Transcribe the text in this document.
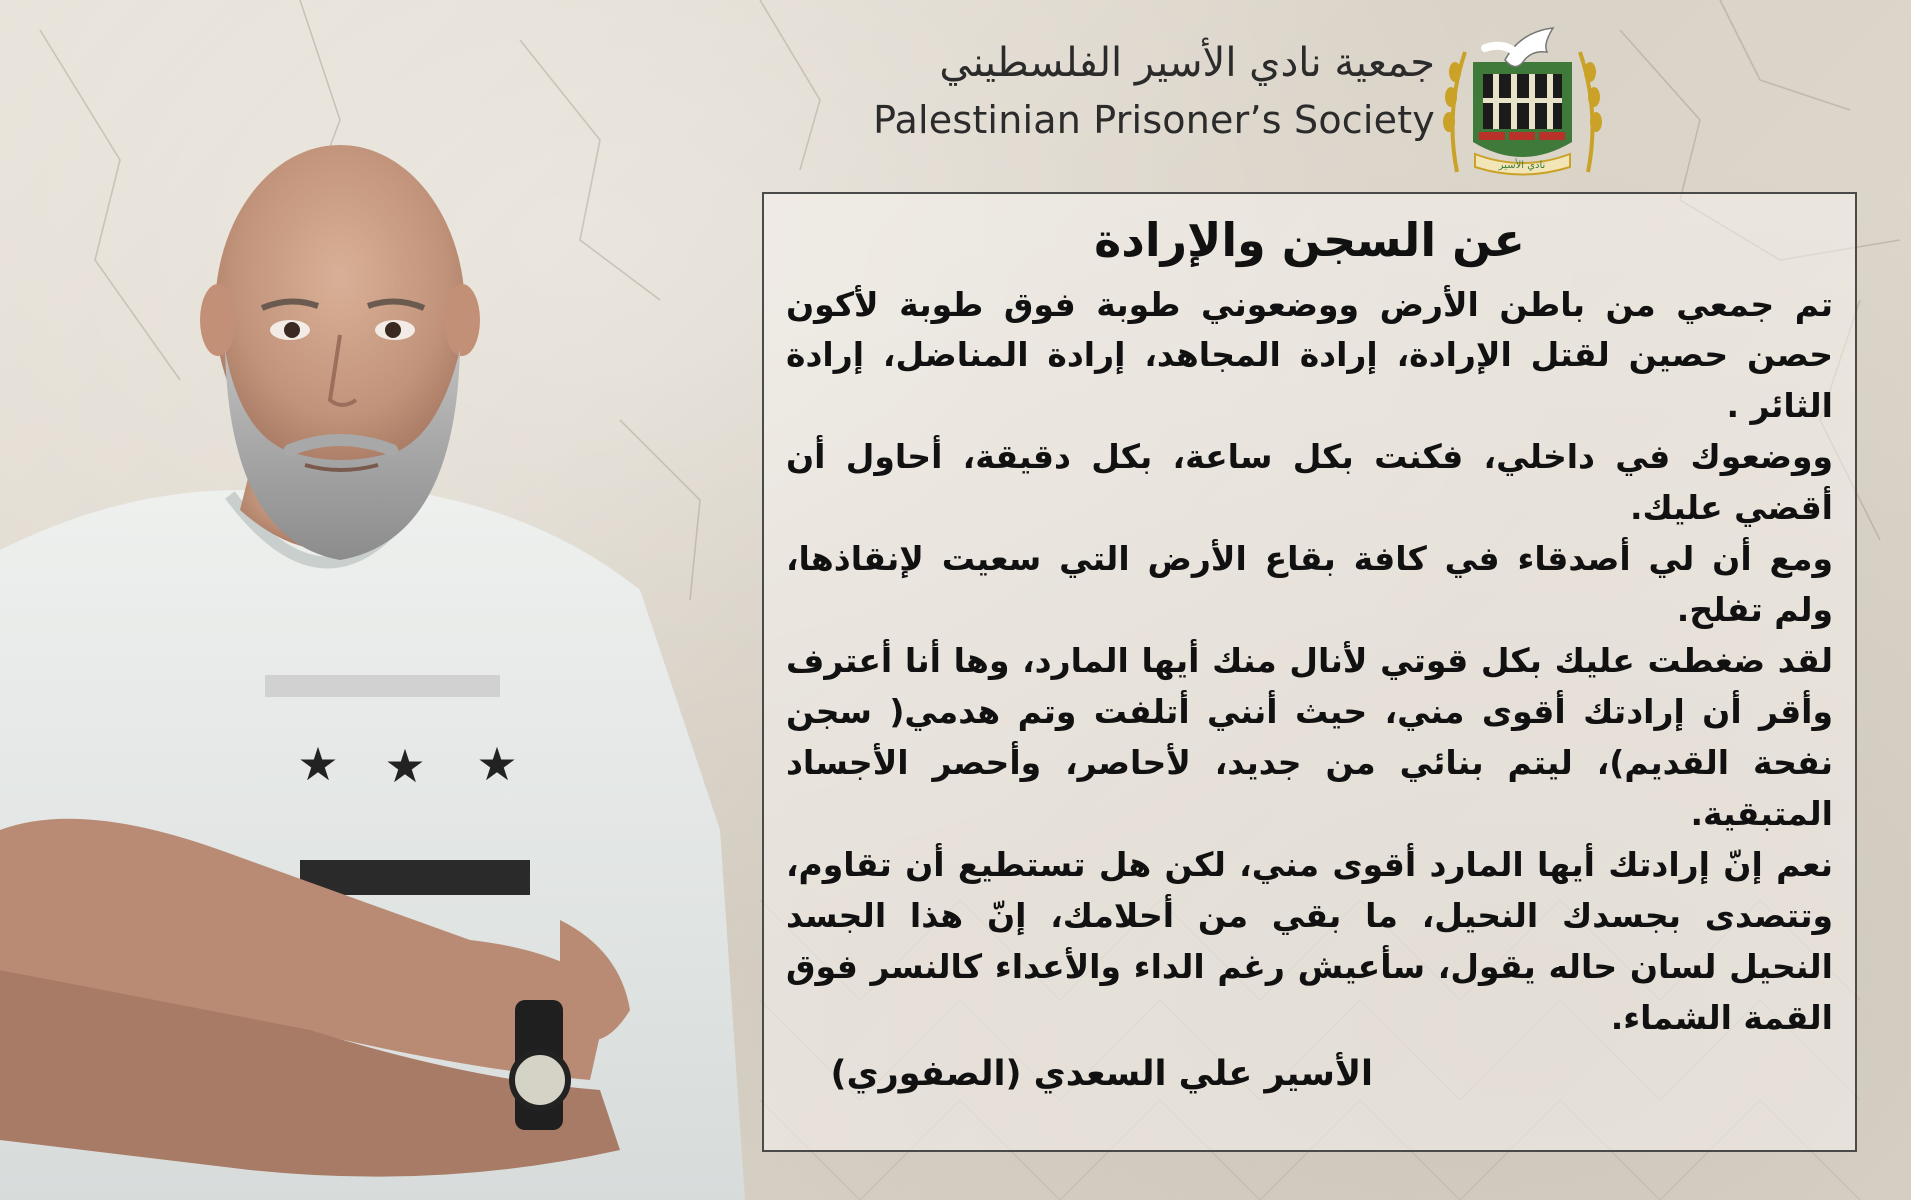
★ ★ ★
جمعية نادي الأسير الفلسطيني
Palestinian Prisoner’s Society
نادي الأسير
عن السجن والإرادة
تم جمعي من باطن الأرض ووضعوني طوبة فوق طوبة لأكون حصن حصين لقتل الإرادة، إرادة المجاهد، إرادة المناضل، إرادة الثائر .
ووضعوك في داخلي، فكنت بكل ساعة، بكل دقيقة، أحاول أن أقضي عليك.
ومع أن لي أصدقاء في كافة بقاع الأرض التي سعيت لإنقاذها، ولم تفلح.
لقد ضغطت عليك بكل قوتي لأنال منك أيها المارد، وها أنا أعترف وأقر أن إرادتك أقوى مني، حيث أنني أتلفت وتم هدمي( سجن نفحة القديم)، ليتم بنائي من جديد، لأحاصر، وأحصر الأجساد المتبقية.
نعم إنّ إرادتك أيها المارد أقوى مني، لكن هل تستطيع أن تقاوم، وتتصدى بجسدك النحيل، ما بقي من أحلامك، إنّ هذا الجسد النحيل لسان حاله يقول، سأعيش رغم الداء والأعداء كالنسر فوق القمة الشماء.
الأسير علي السعدي (الصفوري)
